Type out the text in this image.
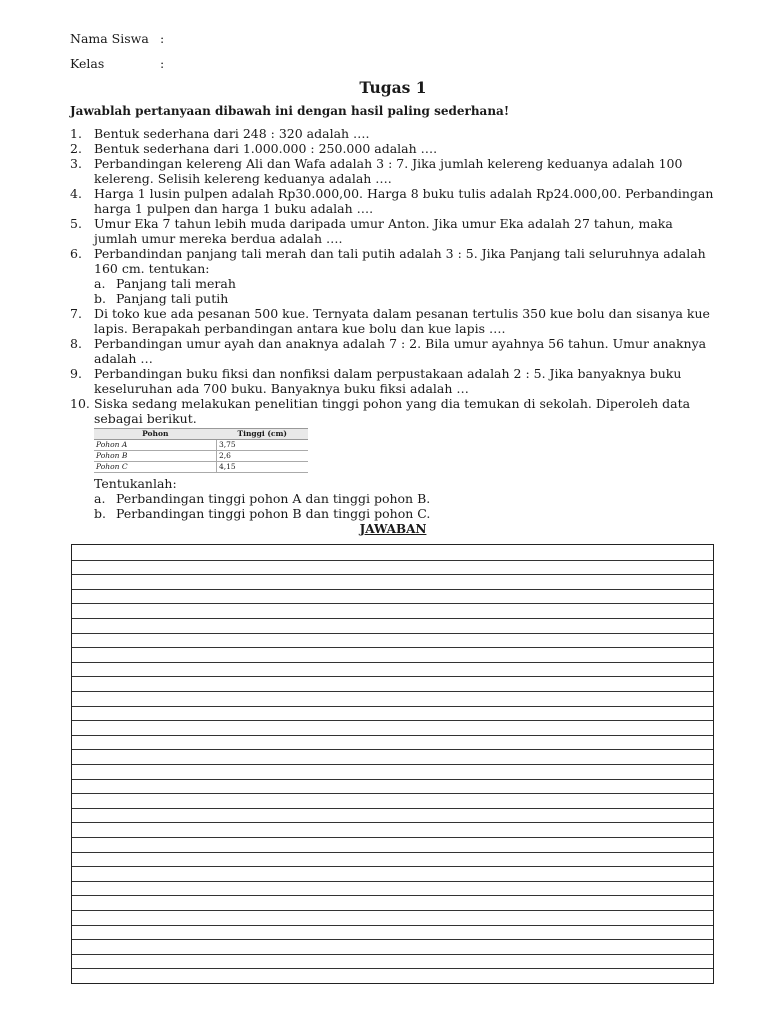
Nama Siswa :
Kelas	:
Tugas 1
Jawablah pertanyaan dibawah ini dengan hasil paling sederhana!
1. Bentuk sederhana dari 248 : 320 adalah ….
2. Bentuk sederhana dari 1.000.000 : 250.000 adalah ….
3. Perbandingan kelereng Ali dan Wafa adalah 3 : 7. Jika jumlah kelereng keduanya adalah 100 kelereng. Selisih kelereng keduanya adalah ….
4. Harga 1 lusin pulpen adalah Rp30.000,00. Harga 8 buku tulis adalah Rp24.000,00. Perbandingan harga 1 pulpen dan harga 1 buku adalah ….
5. Umur Eka 7 tahun lebih muda daripada umur Anton. Jika umur Eka adalah 27 tahun, maka jumlah umur mereka berdua adalah ….
6. Perbandindan panjang tali merah dan tali putih adalah 3 : 5. Jika Panjang tali seluruhnya adalah 160 cm. tentukan:
a. Panjang tali merah
b. Panjang tali putih
7. Di toko kue ada pesanan 500 kue. Ternyata dalam pesanan tertulis 350 kue bolu dan sisanya kue lapis. Berapakah perbandingan antara kue bolu dan kue lapis ….
8. Perbandingan umur ayah dan anaknya adalah 7 : 2. Bila umur ayahnya 56 tahun. Umur anaknya adalah …
9. Perbandingan buku fiksi dan nonfiksi dalam perpustakaan adalah 2 : 5. Jika banyaknya buku keseluruhan ada 700 buku. Banyaknya buku fiksi adalah …
10. Siska sedang melakukan penelitian tinggi pohon yang dia temukan di sekolah. Diperoleh data sebagai berikut.
Pohon	Tinggi (cm)
Pohon A	3,75
Pohon B	2,6
Pohon C	4,15
Tentukanlah:
a. Perbandingan tinggi pohon A dan tinggi pohon B.
b. Perbandingan tinggi pohon B dan tinggi pohon C.
JAWABAN
